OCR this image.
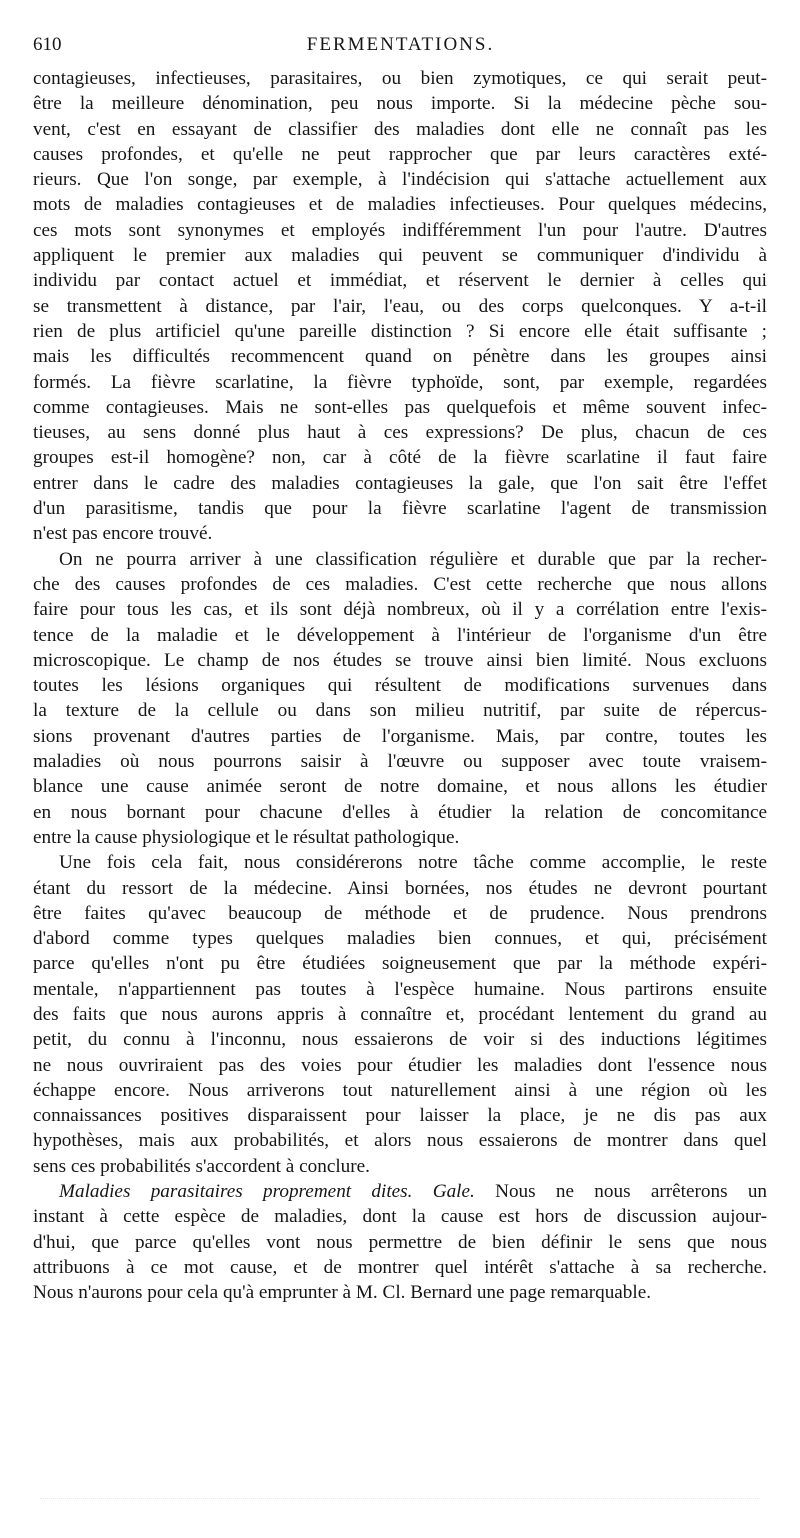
610	FERMENTATIONS.
contagieuses, infectieuses, parasitaires, ou bien zymotiques, ce qui serait peut-
être la meilleure dénomination, peu nous importe. Si la médecine pèche sou-
vent, c'est en essayant de classifier des maladies dont elle ne connaît pas les
causes profondes, et qu'elle ne peut rapprocher que par leurs caractères exté-
rieurs. Que l'on songe, par exemple, à l'indécision qui s'attache actuellement aux
mots de maladies contagieuses et de maladies infectieuses. Pour quelques médecins,
ces mots sont synonymes et employés indifféremment l'un pour l'autre. D'autres
appliquent le premier aux maladies qui peuvent se communiquer d'individu à
individu par contact actuel et immédiat, et réservent le dernier à celles qui
se transmettent à distance, par l'air, l'eau, ou des corps quelconques. Y a-t-il
rien de plus artificiel qu'une pareille distinction ? Si encore elle était suffisante ;
mais les difficultés recommencent quand on pénètre dans les groupes ainsi
formés. La fièvre scarlatine, la fièvre typhoïde, sont, par exemple, regardées
comme contagieuses. Mais ne sont-elles pas quelquefois et même souvent infec-
tieuses, au sens donné plus haut à ces expressions? De plus, chacun de ces
groupes est-il homogène? non, car à côté de la fièvre scarlatine il faut faire
entrer dans le cadre des maladies contagieuses la gale, que l'on sait être l'effet
d'un parasitisme, tandis que pour la fièvre scarlatine l'agent de transmission
n'est pas encore trouvé.
On ne pourra arriver à une classification régulière et durable que par la recher-
che des causes profondes de ces maladies. C'est cette recherche que nous allons
faire pour tous les cas, et ils sont déjà nombreux, où il y a corrélation entre l'exis-
tence de la maladie et le développement à l'intérieur de l'organisme d'un être
microscopique. Le champ de nos études se trouve ainsi bien limité. Nous excluons
toutes les lésions organiques qui résultent de modifications survenues dans
la texture de la cellule ou dans son milieu nutritif, par suite de répercus-
sions provenant d'autres parties de l'organisme. Mais, par contre, toutes les
maladies où nous pourrons saisir à l'œuvre ou supposer avec toute vraisem-
blance une cause animée seront de notre domaine, et nous allons les étudier
en nous bornant pour chacune d'elles à étudier la relation de concomitance
entre la cause physiologique et le résultat pathologique.
Une fois cela fait, nous considérerons notre tâche comme accomplie, le reste
étant du ressort de la médecine. Ainsi bornées, nos études ne devront pourtant
être faites qu'avec beaucoup de méthode et de prudence. Nous prendrons
d'abord comme types quelques maladies bien connues, et qui, précisément
parce qu'elles n'ont pu être étudiées soigneusement que par la méthode expéri-
mentale, n'appartiennent pas toutes à l'espèce humaine. Nous partirons ensuite
des faits que nous aurons appris à connaître et, procédant lentement du grand au
petit, du connu à l'inconnu, nous essaierons de voir si des inductions légitimes
ne nous ouvriraient pas des voies pour étudier les maladies dont l'essence nous
échappe encore. Nous arriverons tout naturellement ainsi à une région où les
connaissances positives disparaissent pour laisser la place, je ne dis pas aux
hypothèses, mais aux probabilités, et alors nous essaierons de montrer dans quel
sens ces probabilités s'accordent à conclure.
Maladies parasitaires proprement dites. Gale. Nous ne nous arrêterons un
instant à cette espèce de maladies, dont la cause est hors de discussion aujour-
d'hui, que parce qu'elles vont nous permettre de bien définir le sens que nous
attribuons à ce mot cause, et de montrer quel intérêt s'attache à sa recherche.
Nous n'aurons pour cela qu'à emprunter à M. Cl. Bernard une page remarquable.
